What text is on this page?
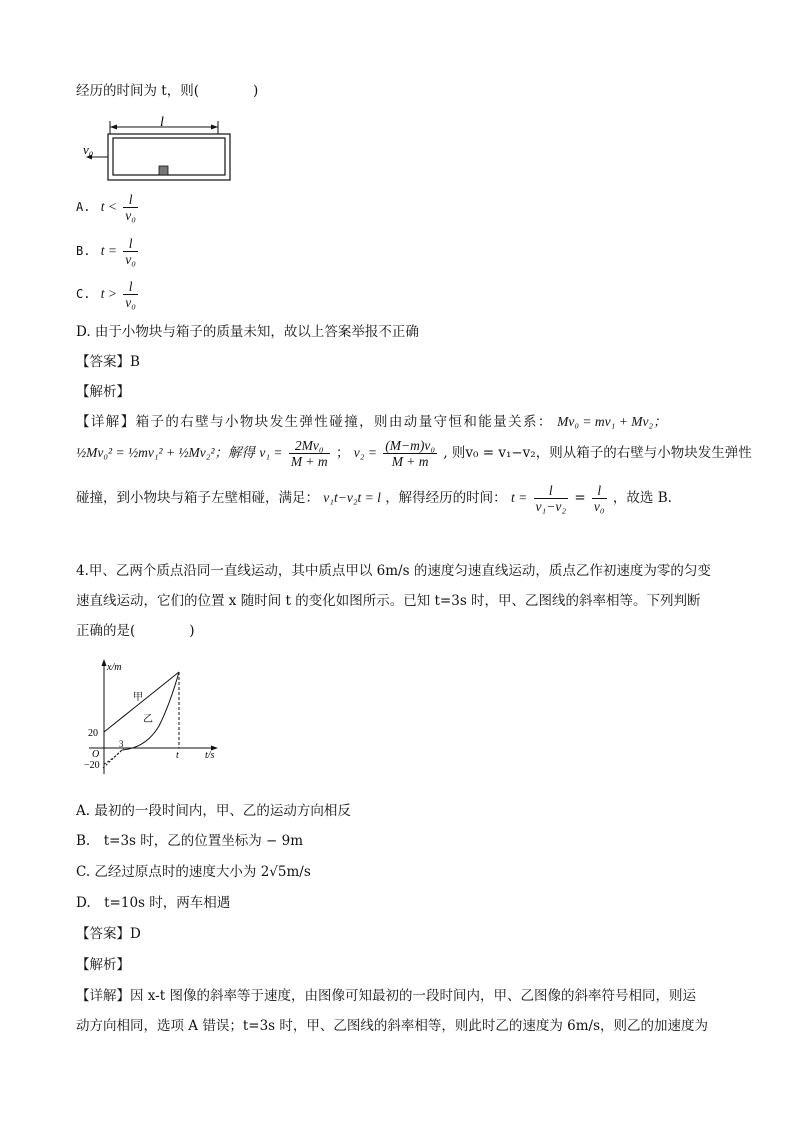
经历的时间为 t，则(　　　　)
l
v₀
A. $t < \frac{l}{\text{v₀}}$
B. $t = \frac{l}{\text{v₀}}$
C. $t > \frac{l}{\text{v₀}}$
D. 由于小物块与箱子的质量未知，故以上答案举报不正确
【答案】B
【解析】
【详解】箱子的右壁与小物块发生弹性碰撞，则由动量守恒和能量关系： Mv₀ = mv₁ + Mv₂；
½Mv₀² = ½mv₁² + ½Mv₂²；解得 $v_1 = \frac{\text{2Mv₀}}{M + m}$ ； $v_2 = \frac{\text{(M−m)v₀}}{M + m}$ , 则v₀ = v₁−v₂，则从箱子的右壁与小物块发生弹性
碰撞，到小物块与箱子左壁相碰，满足： v₁t−v₂t = l ，解得经历的时间： $t = \frac{l}{\text{v₁−v₂}} = \frac{l}{\text{v₀}}$ ，故选 B.
4.甲、乙两个质点沿同一直线运动，其中质点甲以 6m/s 的速度匀速直线运动，质点乙作初速度为零的匀变
速直线运动，它们的位置 x 随时间 t 的变化如图所示。已知 t=3s 时，甲、乙图线的斜率相等。下列判断
正确的是(　　　　)
x/m
t/s
甲
乙
20
−20
O
3
t
A. 最初的一段时间内，甲、乙的运动方向相反
B.　t=3s 时，乙的位置坐标为 − 9m
C. 乙经过原点时的速度大小为 2√5m/s
D.　t=10s 时，两车相遇
【答案】D
【解析】
【详解】因 x-t 图像的斜率等于速度，由图像可知最初的一段时间内，甲、乙图像的斜率符号相同，则运
动方向相同，选项 A 错误；t=3s 时，甲、乙图线的斜率相等，则此时乙的速度为 6m/s，则乙的加速度为
